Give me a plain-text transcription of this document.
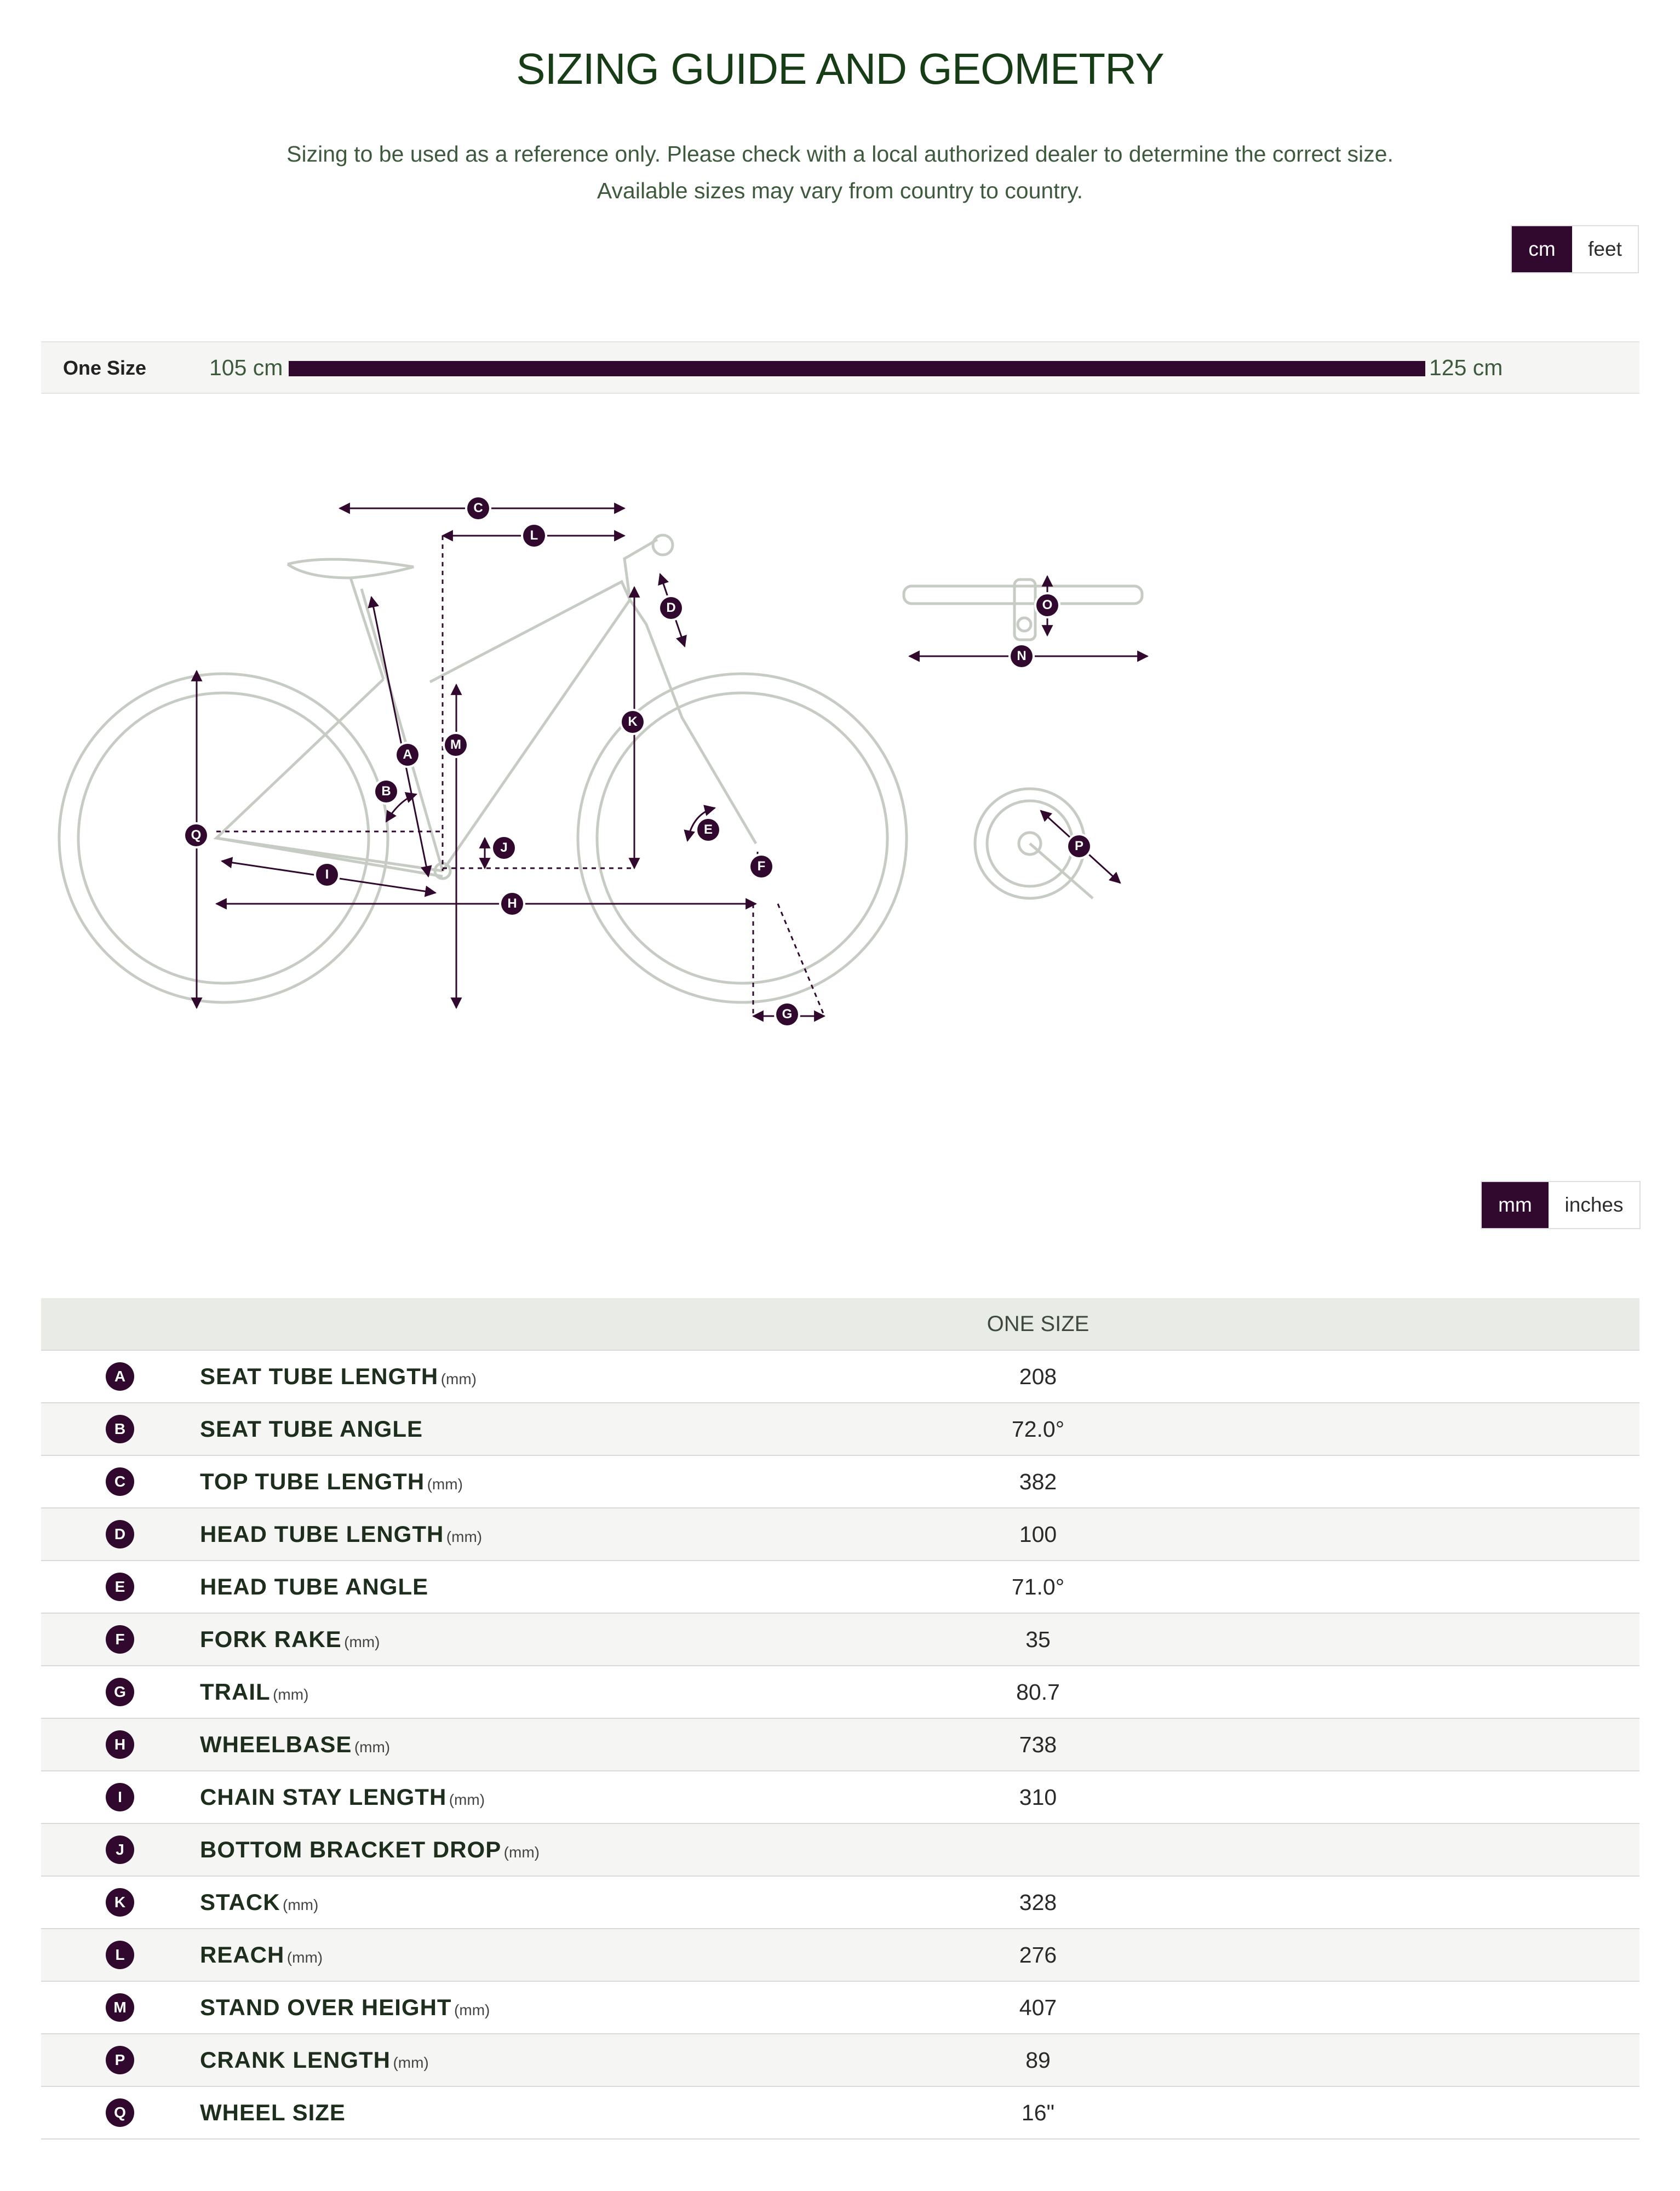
SIZING GUIDE AND GEOMETRY
Sizing to be used as a reference only. Please check with a local authorized dealer to determine the correct size.
Available sizes may vary from country to country.
cm	feet
One Size	105 cm	125 cm
A
B
C
D
E
F
G
H
I
J
K
L
M
N
O
P
Q
mm	inches
		ONE SIZE	

A	SEAT TUBE LENGTH (mm)	208	

B	SEAT TUBE ANGLE	72.0°	

C	TOP TUBE LENGTH (mm)	382	

D	HEAD TUBE LENGTH (mm)	100	

E	HEAD TUBE ANGLE	71.0°	

F	FORK RAKE (mm)	35	

G	TRAIL (mm)	80.7	

H	WHEELBASE (mm)	738	

I	CHAIN STAY LENGTH (mm)	310	

J	BOTTOM BRACKET DROP (mm)		

K	STACK (mm)	328	

L	REACH (mm)	276	

M	STAND OVER HEIGHT (mm)	407	

P	CRANK LENGTH (mm)	89	

Q	WHEEL SIZE	16"	
